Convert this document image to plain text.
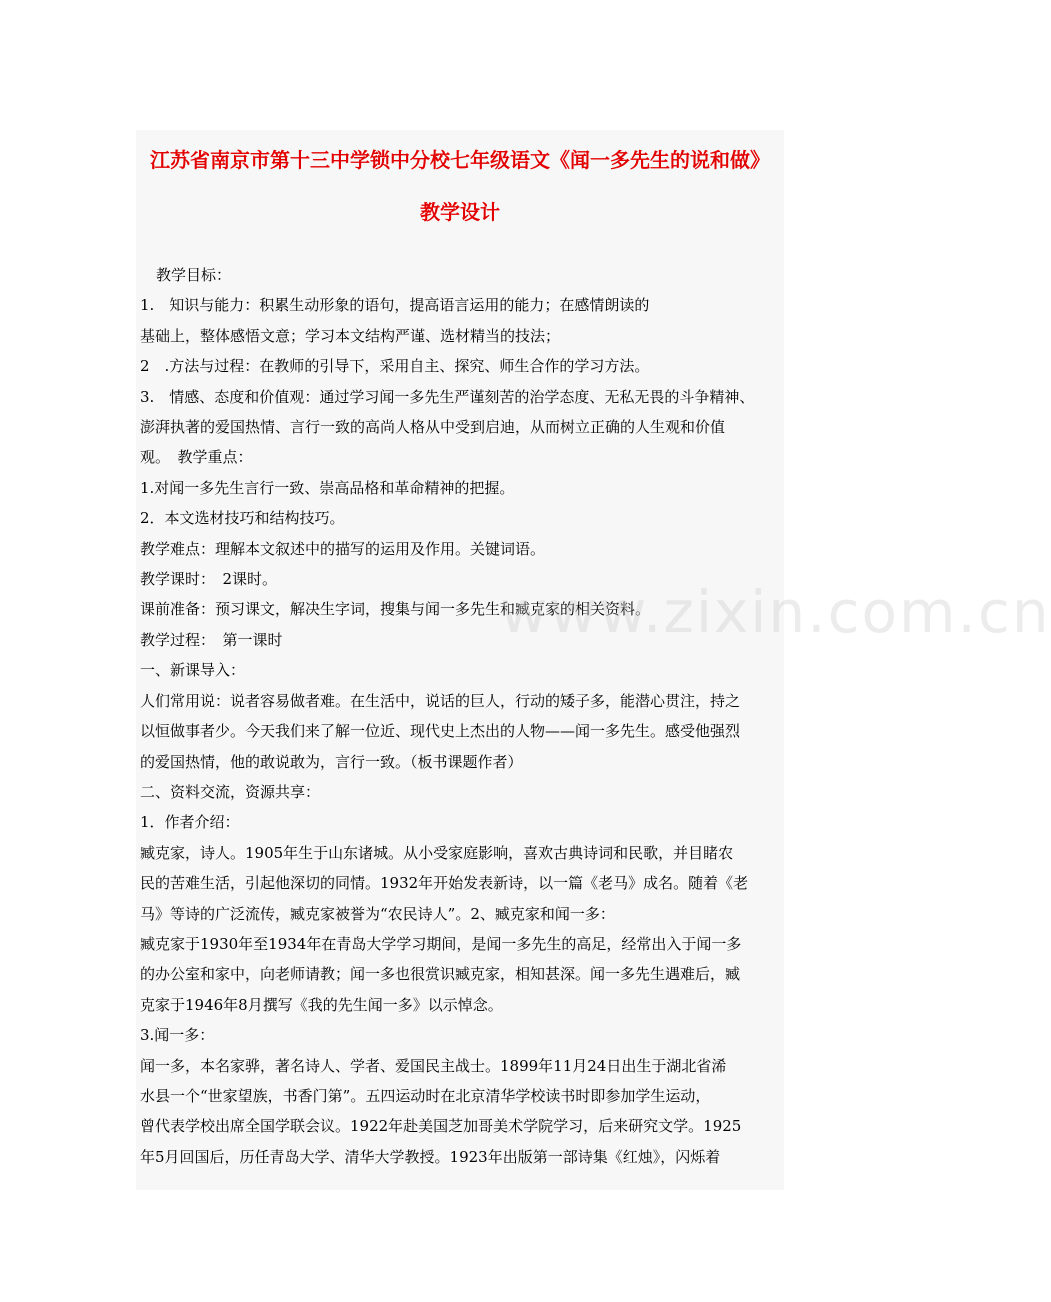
江苏省南京市第十三中学锁中分校七年级语文《闻一多先生的说和做》
教学设计

教学目标：

1.　知识与能力：积累生动形象的语句，提高语言运用的能力；在感情朗读的

基础上，整体感悟文意；学习本文结构严谨、选材精当的技法；

2　.方法与过程：在教师的引导下，采用自主、探究、师生合作的学习方法。

3.　情感、态度和价值观：通过学习闻一多先生严谨刻苦的治学态度、无私无畏的斗争精神、

澎湃执著的爱国热情、言行一致的高尚人格从中受到启迪，从而树立正确的人生观和价值

观。　教学重点：

1.对闻一多先生言行一致、崇高品格和革命精神的把握。

2．本文选材技巧和结构技巧。

教学难点：理解本文叙述中的描写的运用及作用。关键词语。

教学课时：　2课时。

课前准备：预习课文，解决生字词，搜集与闻一多先生和臧克家的相关资料。

教学过程：　第一课时

一、新课导入：

人们常用说：说者容易做者难。在生活中，说话的巨人，行动的矮子多，能潜心贯注，持之

以恒做事者少。今天我们来了解一位近、现代史上杰出的人物——闻一多先生。感受他强烈

的爱国热情，他的敢说敢为，言行一致。（板书课题作者）

二、资料交流，资源共享：

1．作者介绍：

臧克家，诗人。1905年生于山东诸城。从小受家庭影响，喜欢古典诗词和民歌，并目睹农

民的苦难生活，引起他深切的同情。1932年开始发表新诗，以一篇《老马》成名。随着《老

马》等诗的广泛流传，臧克家被誉为“农民诗人”。2、臧克家和闻一多：

臧克家于1930年至1934年在青岛大学学习期间，是闻一多先生的高足，经常出入于闻一多

的办公室和家中，向老师请教；闻一多也很赏识臧克家，相知甚深。闻一多先生遇难后，臧

克家于1946年8月撰写《我的先生闻一多》以示悼念。

3.闻一多：

闻一多，本名家骅，著名诗人、学者、爱国民主战士。1899年11月24日出生于湖北省浠

水县一个“世家望族，书香门第”。五四运动时在北京清华学校读书时即参加学生运动，

曾代表学校出席全国学联会议。1922年赴美国芝加哥美术学院学习，后来研究文学。1925

年5月回国后，历任青岛大学、清华大学教授。1923年出版第一部诗集《红烛》，闪烁着

www.zixin.com.cn
